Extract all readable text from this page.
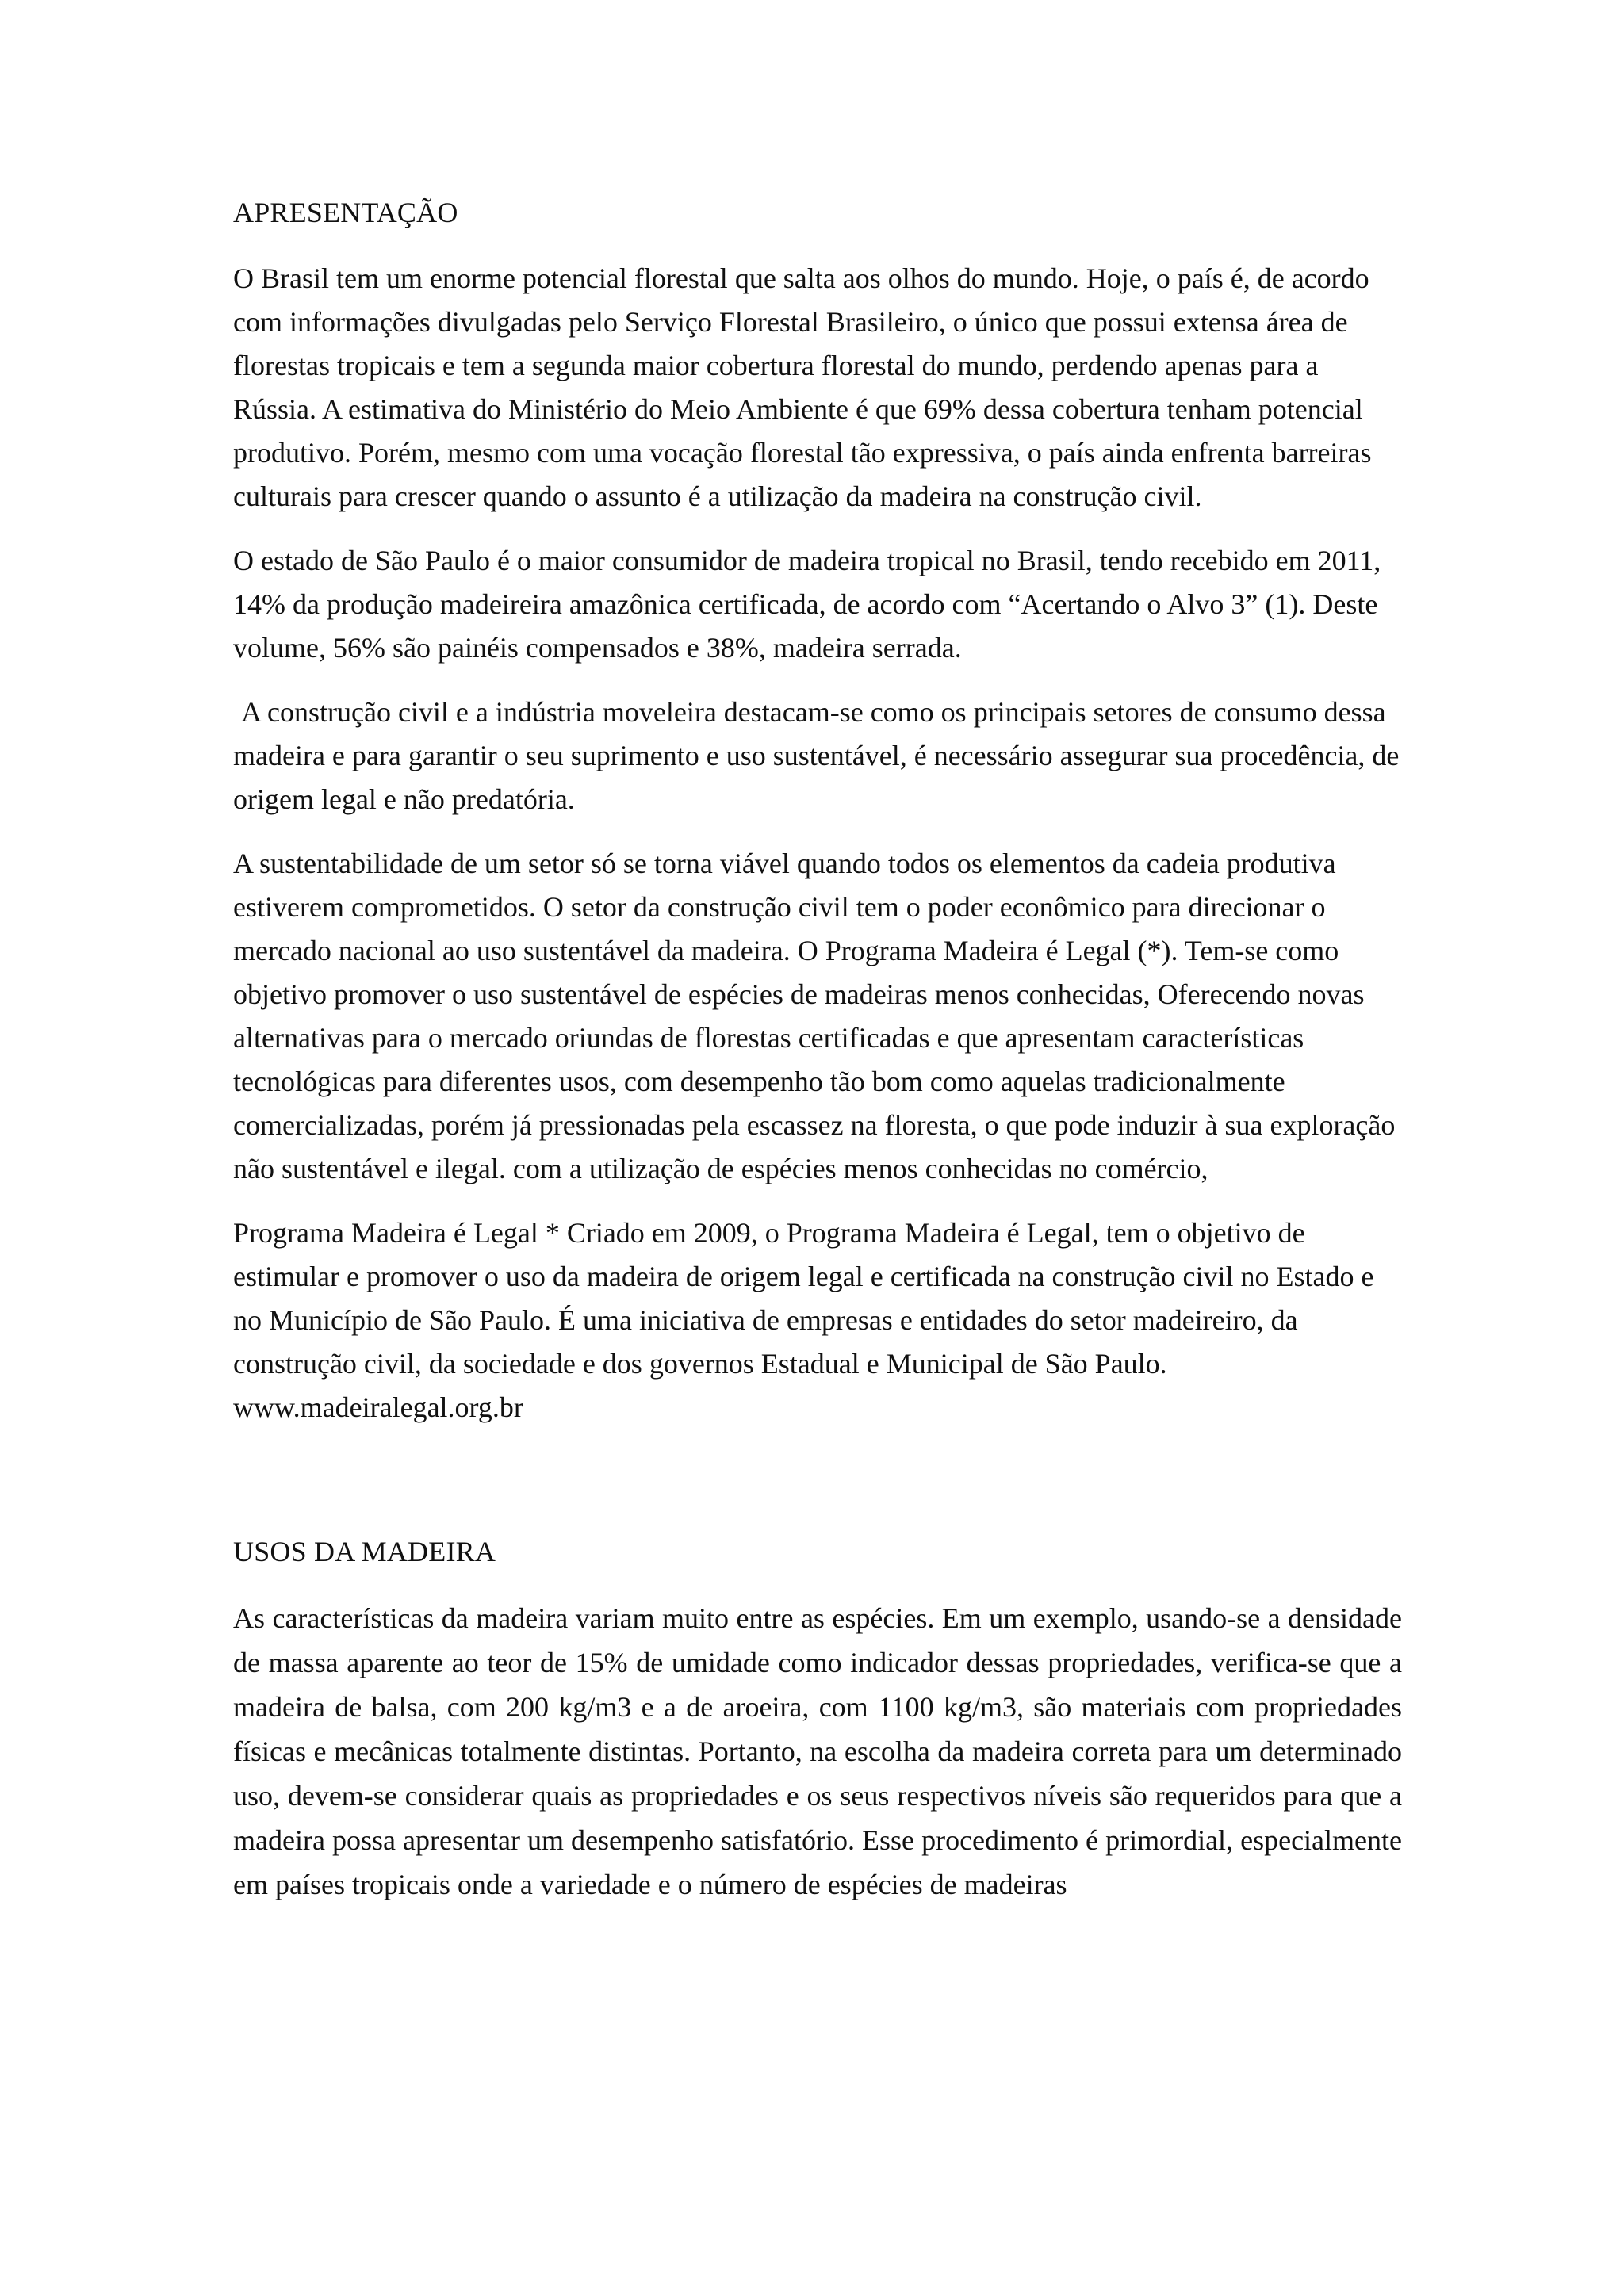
APRESENTAÇÃO

O Brasil tem um enorme potencial florestal que salta aos olhos do mundo. Hoje, o país é, de acordo com informações divulgadas pelo Serviço Florestal Brasileiro, o único que possui extensa área de florestas tropicais e tem a segunda maior cobertura florestal do mundo, perdendo apenas para a Rússia. A estimativa do Ministério do Meio Ambiente é que 69% dessa cobertura tenham potencial produtivo. Porém, mesmo com uma vocação florestal tão expressiva, o país ainda enfrenta barreiras culturais para crescer quando o assunto é a utilização da madeira na construção civil.

O estado de São Paulo é o maior consumidor de madeira tropical no Brasil, tendo recebido em 2011, 14% da produção madeireira amazônica certificada, de acordo com “Acertando o Alvo 3” (1). Deste volume, 56% são painéis compensados e 38%, madeira serrada.

A construção civil e a indústria moveleira destacam-se como os principais setores de consumo dessa madeira e para garantir o seu suprimento e uso sustentável, é necessário assegurar sua procedência, de origem legal e não predatória.

A sustentabilidade de um setor só se torna viável quando todos os elementos da cadeia produtiva estiverem comprometidos. O setor da construção civil tem o poder econômico para direcionar o mercado nacional ao uso sustentável da madeira. O Programa Madeira é Legal (*). Tem-se como objetivo promover o uso sustentável de espécies de madeiras menos conhecidas, Oferecendo novas alternativas para o mercado oriundas de florestas certificadas e que apresentam características tecnológicas para diferentes usos, com desempenho tão bom como aquelas tradicionalmente comercializadas, porém já pressionadas pela escassez na floresta, o que pode induzir à sua exploração não sustentável e ilegal. com a utilização de espécies menos conhecidas no comércio,

Programa Madeira é Legal * Criado em 2009, o Programa Madeira é Legal, tem o objetivo de estimular e promover o uso da madeira de origem legal e certificada na construção civil no Estado e no Município de São Paulo. É uma iniciativa de empresas e entidades do setor madeireiro, da construção civil, da sociedade e dos governos Estadual e Municipal de São Paulo. www.madeiralegal.org.br

USOS DA MADEIRA

As características da madeira variam muito entre as espécies. Em um exemplo, usando-se a densidade de massa aparente ao teor de 15% de umidade como indicador dessas propriedades, verifica-se que a madeira de balsa, com 200 kg/m3 e a de aroeira, com 1100 kg/m3, são materiais com propriedades físicas e mecânicas totalmente distintas. Portanto, na escolha da madeira correta para um determinado uso, devem-se considerar quais as propriedades e os seus respectivos níveis são requeridos para que a madeira possa apresentar um desempenho satisfatório. Esse procedimento é primordial, especialmente em países tropicais onde a variedade e o número de espécies de madeiras
